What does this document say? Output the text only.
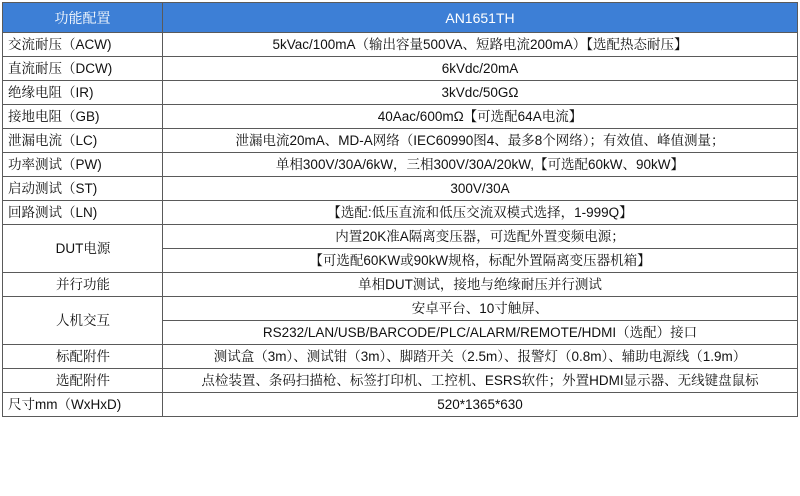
功能配置	AN1651TH
交流耐压（ACW)	5kVac/100mA（输出容量500VA、短路电流200mA）【选配热态耐压】
直流耐压（DCW)	6kVdc/20mA
绝缘电阻（IR)	3kVdc/50GΩ
接地电阻（GB)	40Aac/600mΩ【可选配64A电流】
泄漏电流（LC)	泄漏电流20mA、MD-A网络（IEC60990图4、最多8个网络）；有效值、峰值测量；
功率测试（PW)	单相300V/30A/6kW，三相300V/30A/20kW,【可选配60kW、90kW】
启动测试（ST)	300V/30A
回路测试（LN)	【选配:低压直流和低压交流双模式选择，1-999Q】
DUT电源	内置20K准A隔离变压器，可选配外置变频电源；
	【可选配60KW或90kW规格，标配外置隔离变压器机箱】
并行功能	单相DUT测试，接地与绝缘耐压并行测试
人机交互	安卓平台、10寸触屏、
	RS232/LAN/USB/BARCODE/PLC/ALARM/REMOTE/HDMI（选配）接口
标配附件	测试盒（3m）、测试钳（3m）、脚踏开关（2.5m）、报警灯（0.8m）、辅助电源线（1.9m）
选配附件	点检装置、条码扫描枪、标签打印机、工控机、ESRS软件；外置HDMI显示器、无线键盘鼠标
尺寸mm（WxHxD)	520*1365*630
